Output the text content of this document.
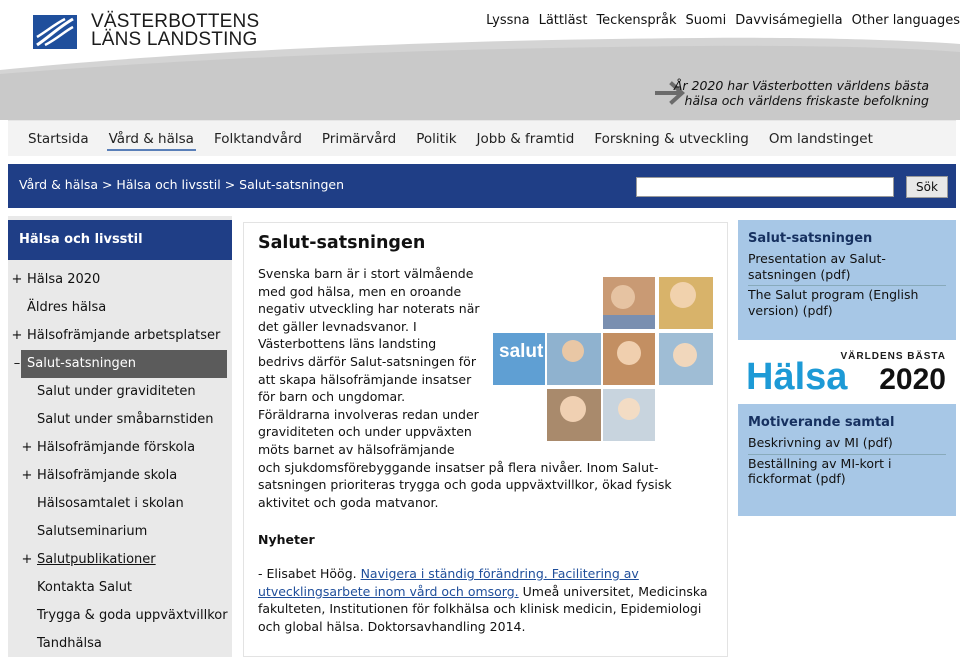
VÄSTERBOTTENS
LÄNS LANDSTING
Lyssna Lättläst Teckenspråk Suomi Davvisámegiella Other languages
År 2020 har Västerbotten världens bästa
hälsa och världens friskaste befolkning
Startsida	Vård & hälsa	Folktandvård	Primärvård	Politik	Jobb & framtid	Forskning & utveckling	Om landstinget
Vård & hälsa > Hälsa och livsstil > Salut-satsningen	Sök
Hälsa och livsstil
+ Hälsa 2020
Äldres hälsa
+ Hälsofrämjande arbetsplatser
– Salut-satsningen
Salut under graviditeten
Salut under småbarnstiden
+ Hälsofrämjande förskola
+ Hälsofrämjande skola
Hälsosamtalet i skolan
Salutseminarium
+ Salutpublikationer
Kontakta Salut
Trygga & goda uppväxtvillkor
Tandhälsa
Salut-satsningen
salut

Svenska barn är i stort välmående med god hälsa, men en oroande negativ utveckling har noterats när det gäller levnadsvanor. I Västerbottens läns landsting bedrivs därför Salut-satsningen för att skapa hälsofrämjande insatser för barn och ungdomar. Föräldrarna involveras redan under graviditeten och under uppväxten möts barnet av hälsofrämjande och sjukdomsförebyggande insatser på flera nivåer. Inom Salut-satsningen prioriteras trygga och goda uppväxtvillkor, ökad fysisk aktivitet och goda matvanor.

Nyheter

- Elisabet Höög. Navigera i ständig förändring. Facilitering av utvecklingsarbete inom vård och omsorg. Umeå universitet, Medicinska fakulteten, Institutionen för folkhälsa och klinisk medicin, Epidemiologi och global hälsa. Doktorsavhandling 2014.

Salut-satsningen
Presentation av Salut-satsningen (pdf)
The Salut program (English version) (pdf)
VÄRLDENS BÄSTA
Hälsa 2020
Motiverande samtal
Beskrivning av MI (pdf)
Beställning av MI-kort i fickformat (pdf)
